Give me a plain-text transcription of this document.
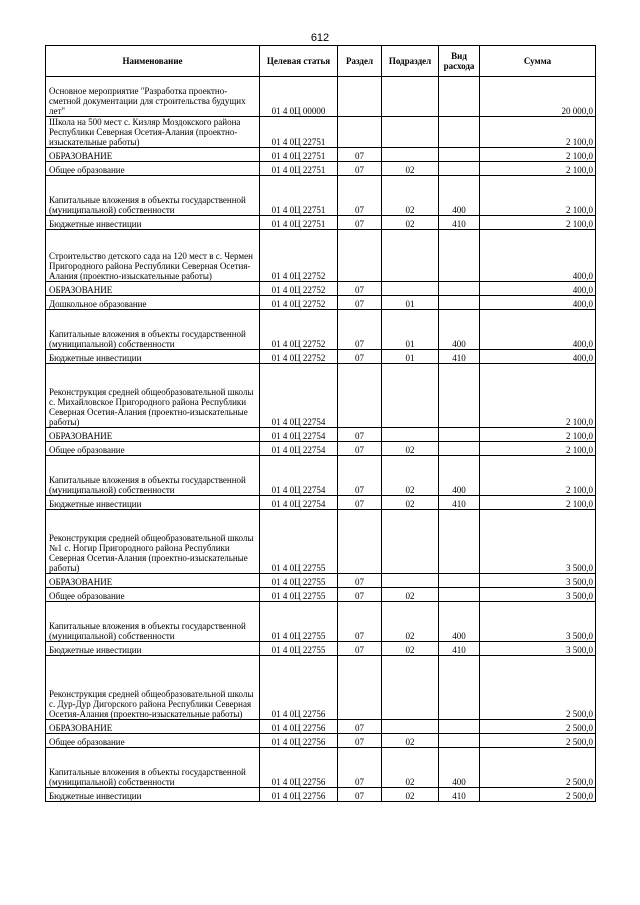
612
Наименование	Целевая статья	Раздел	Подраздел	Вид расхода	Сумма
Основное мероприятие "Разработка проектно-сметной документации для строительства будущих лет"	01 4 0Ц 00000				20 000,0
Школа на 500 мест с. Кизляр Моздокского района Республики Северная Осетия-Алания (проектно-изыскательные работы)	01 4 0Ц 22751				2 100,0
ОБРАЗОВАНИЕ	01 4 0Ц 22751	07			2 100,0
Общее образование	01 4 0Ц 22751	07	02		2 100,0
Капитальные вложения в объекты государственной (муниципальной) собственности	01 4 0Ц 22751	07	02	400	2 100,0
Бюджетные инвестиции	01 4 0Ц 22751	07	02	410	2 100,0
Строительство детского сада на 120 мест в с. Чермен Пригородного района Республики Северная Осетия-Алания (проектно-изыскательные работы)	01 4 0Ц 22752				400,0
ОБРАЗОВАНИЕ	01 4 0Ц 22752	07			400,0
Дошкольное образование	01 4 0Ц 22752	07	01		400,0
Капитальные вложения в объекты государственной (муниципальной) собственности	01 4 0Ц 22752	07	01	400	400,0
Бюджетные инвестиции	01 4 0Ц 22752	07	01	410	400,0
Реконструкция средней общеобразовательной школы с. Михайловское Пригородного района Республики Северная Осетия-Алания (проектно-изыскательные работы)	01 4 0Ц 22754				2 100,0
ОБРАЗОВАНИЕ	01 4 0Ц 22754	07			2 100,0
Общее образование	01 4 0Ц 22754	07	02		2 100,0
Капитальные вложения в объекты государственной (муниципальной) собственности	01 4 0Ц 22754	07	02	400	2 100,0
Бюджетные инвестиции	01 4 0Ц 22754	07	02	410	2 100,0
Реконструкция средней общеобразовательной школы №1 с. Ногир Пригородного района Республики Северная Осетия-Алания (проектно-изыскательные работы)	01 4 0Ц 22755				3 500,0
ОБРАЗОВАНИЕ	01 4 0Ц 22755	07			3 500,0
Общее образование	01 4 0Ц 22755	07	02		3 500,0
Капитальные вложения в объекты государственной (муниципальной) собственности	01 4 0Ц 22755	07	02	400	3 500,0
Бюджетные инвестиции	01 4 0Ц 22755	07	02	410	3 500,0
Реконструкция средней общеобразовательной школы с. Дур-Дур Дигорского района Республики Северная Осетия-Алания (проектно-изыскательные работы)	01 4 0Ц 22756				2 500,0
ОБРАЗОВАНИЕ	01 4 0Ц 22756	07			2 500,0
Общее образование	01 4 0Ц 22756	07	02		2 500,0
Капитальные вложения в объекты государственной (муниципальной) собственности	01 4 0Ц 22756	07	02	400	2 500,0
Бюджетные инвестиции	01 4 0Ц 22756	07	02	410	2 500,0
